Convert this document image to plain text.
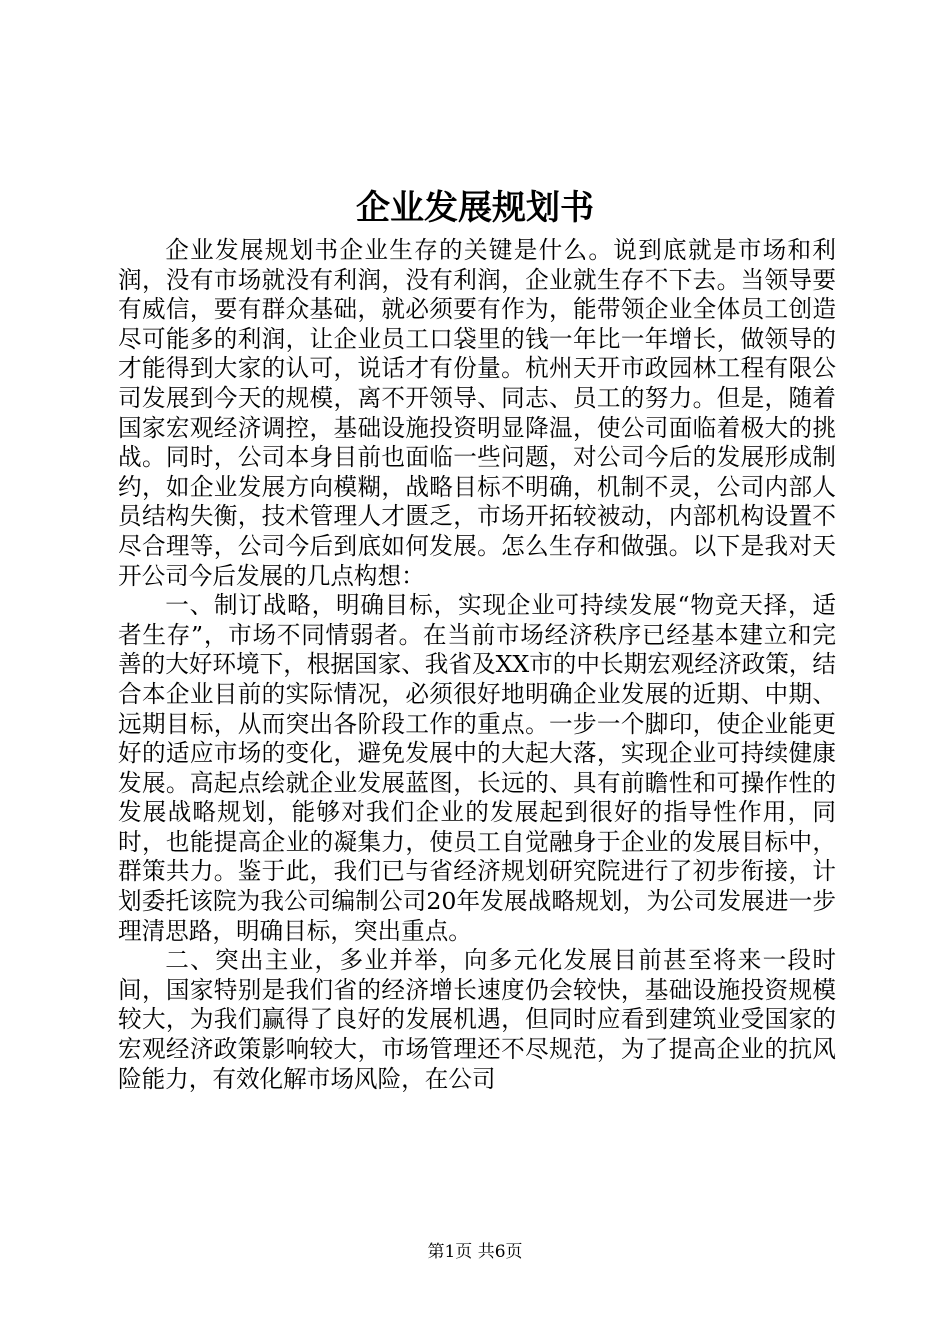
企业发展规划书

企业发展规划书企业生存的关键是什么。说到底就是市场和利润，没有市场就没有利润，没有利润，企业就生存不下去。当领导要有威信，要有群众基础，就必须要有作为，能带领企业全体员工创造尽可能多的利润，让企业员工口袋里的钱一年比一年增长，做领导的才能得到大家的认可，说话才有份量。杭州天开市政园林工程有限公司发展到今天的规模，离不开领导、同志、员工的努力。但是，随着国家宏观经济调控，基础设施投资明显降温，使公司面临着极大的挑战。同时，公司本身目前也面临一些问题，对公司今后的发展形成制约，如企业发展方向模糊，战略目标不明确，机制不灵，公司内部人员结构失衡，技术管理人才匮乏，市场开拓较被动，内部机构设置不尽合理等，公司今后到底如何发展。怎么生存和做强。以下是我对天开公司今后发展的几点构想：

一、制订战略，明确目标，实现企业可持续发展“物竞天择，适者生存”，市场不同情弱者。在当前市场经济秩序已经基本建立和完善的大好环境下，根据国家、我省及XX市的中长期宏观经济政策，结合本企业目前的实际情况，必须很好地明确企业发展的近期、中期、远期目标，从而突出各阶段工作的重点。一步一个脚印，使企业能更好的适应市场的变化，避免发展中的大起大落，实现企业可持续健康发展。高起点绘就企业发展蓝图，长远的、具有前瞻性和可操作性的发展战略规划，能够对我们企业的发展起到很好的指导性作用，同时，也能提高企业的凝集力，使员工自觉融身于企业的发展目标中，群策共力。鉴于此，我们已与省经济规划研究院进行了初步衔接，计划委托该院为我公司编制公司20年发展战略规划，为公司发展进一步理清思路，明确目标，突出重点。

二、突出主业，多业并举，向多元化发展目前甚至将来一段时间，国家特别是我们省的经济增长速度仍会较快，基础设施投资规模较大，为我们赢得了良好的发展机遇，但同时应看到建筑业受国家的宏观经济政策影响较大，市场管理还不尽规范，为了提高企业的抗风险能力，有效化解市场风险，在公司

第1页 共6页
